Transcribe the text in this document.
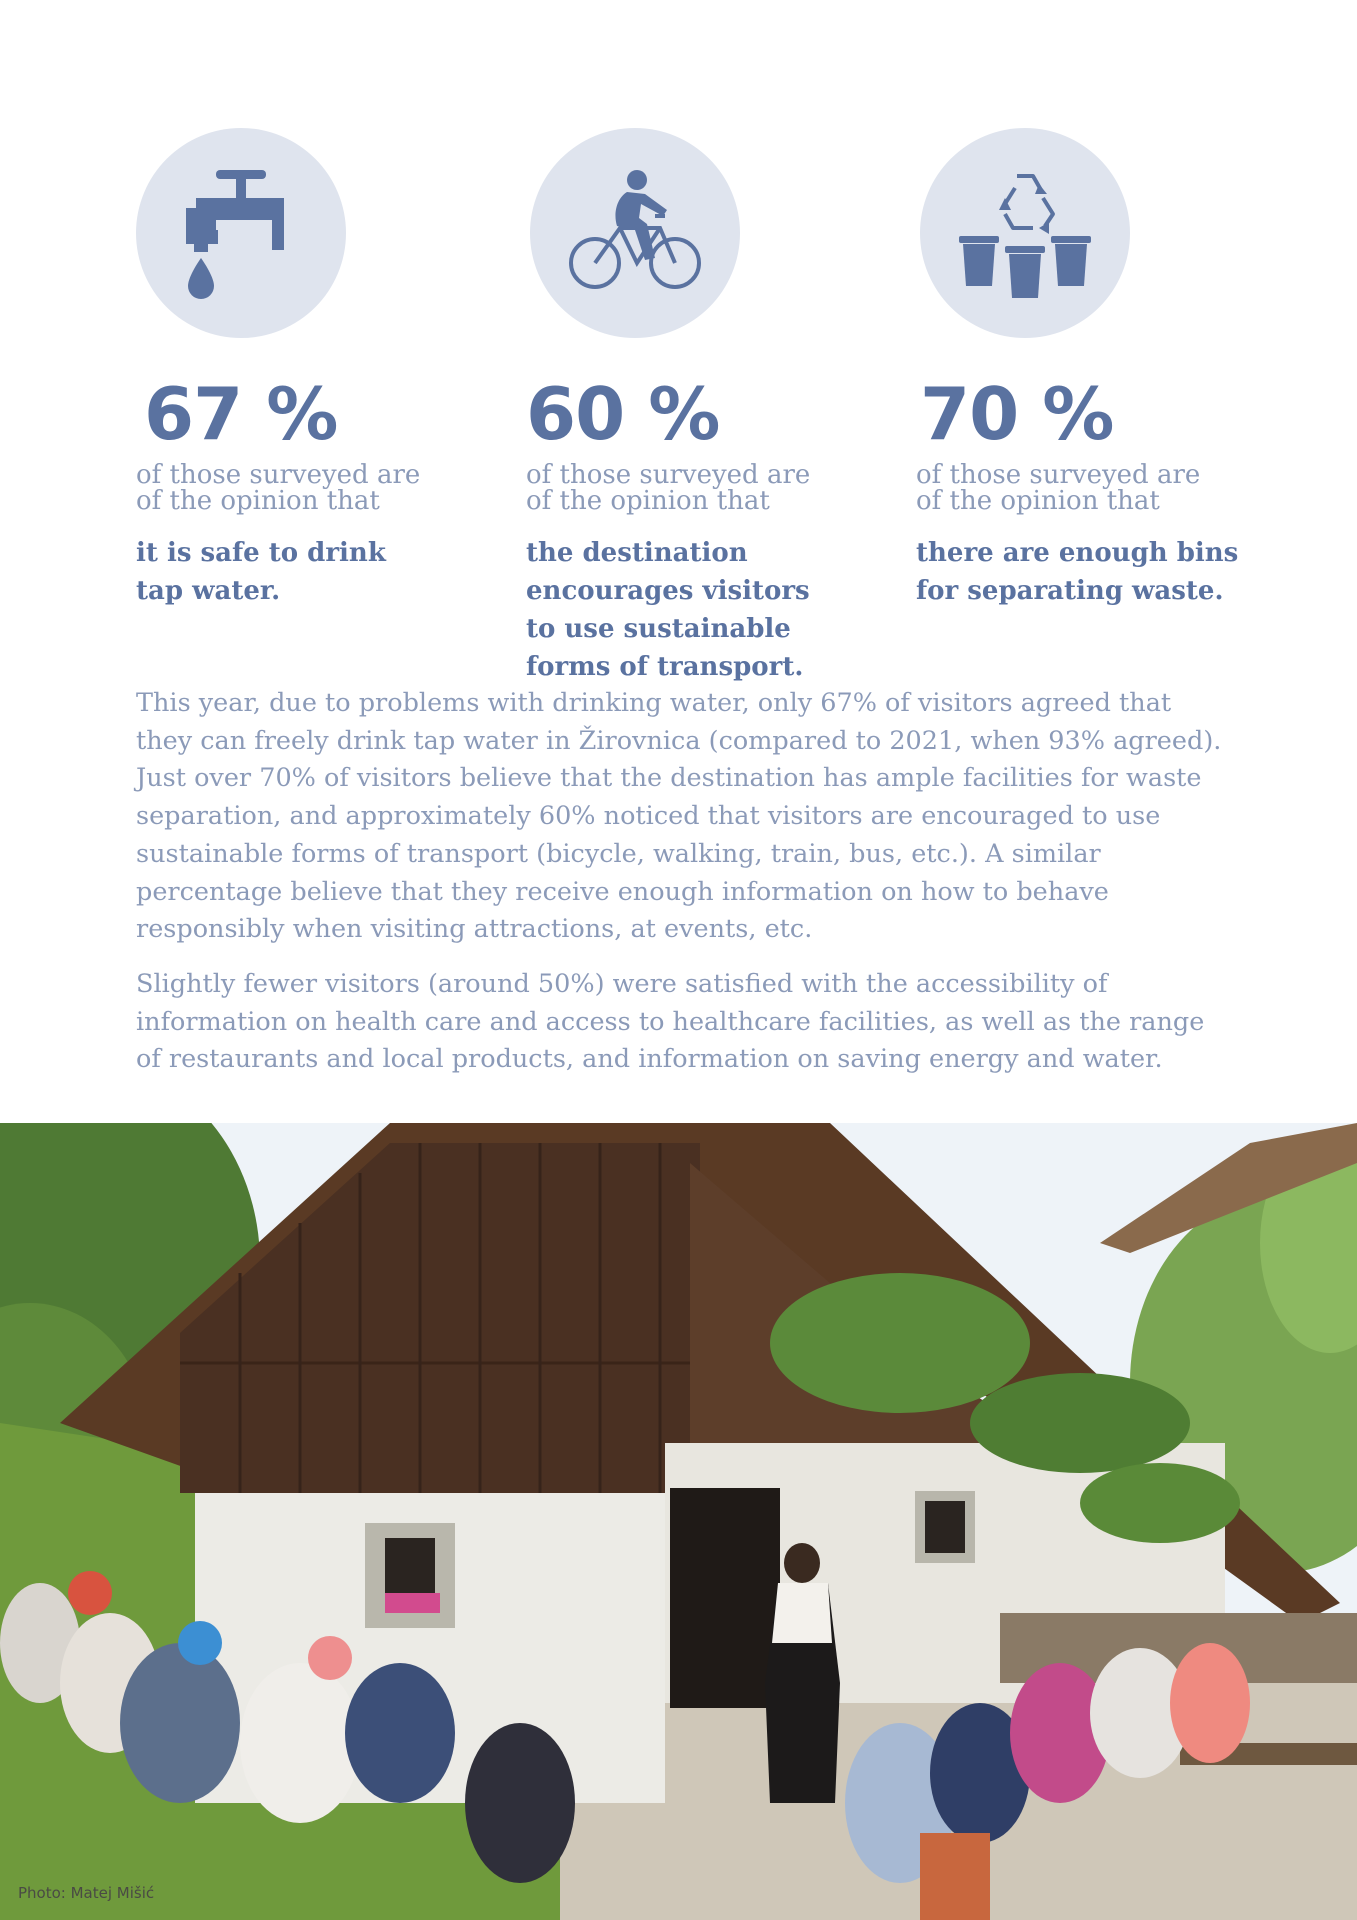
67 %
of those surveyed are
of the opinion that
it is safe to drink tap water.
60 %
of those surveyed are
of the opinion that
the destination encourages visitors to use sustainable forms of transport.
70 %
of those surveyed are
of the opinion that
there are enough bins for separating waste.

This year, due to problems with drinking water, only 67% of visitors agreed that they can freely drink tap water in Žirovnica (compared to 2021, when 93% agreed). Just over 70% of visitors believe that the destination has ample facilities for waste separation, and approximately 60% noticed that visitors are encouraged to use sustainable forms of transport (bicycle, walking, train, bus, etc.). A similar percentage believe that they receive enough information on how to behave responsibly when visiting attractions, at events, etc.

Slightly fewer visitors (around 50%) were satisfied with the accessibility of information on health care and access to healthcare facilities, as well as the range of restaurants and local products, and information on saving energy and water.

Photo: Matej Mišić
